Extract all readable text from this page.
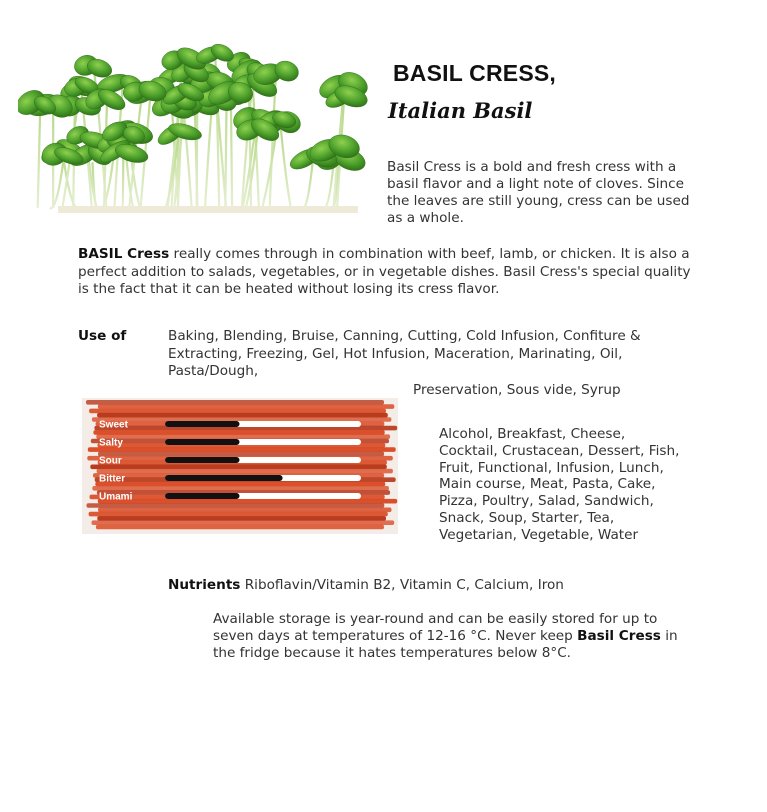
BASIL CRESS,
Italian Basil
Basil Cress is a bold and fresh cress with a basil flavor and a light note of cloves. Since the leaves are still young, cress can be used as a whole.
BASIL Cress really comes through in combination with beef, lamb, or chicken. It is also a perfect addition to salads, vegetables, or in vegetable dishes. Basil Cress's special quality is the fact that it can be heated without losing its cress flavor.
Use of	Baking, Blending, Bruise, Canning, Cutting, Cold Infusion, Confiture & Extracting, Freezing, Gel, Hot Infusion, Maceration, Marinating, Oil, Pasta/Dough,
Preservation, Sous vide, Syrup
Sweet
Salty
Sour
Bitter
Umami
Alcohol, Breakfast, Cheese, Cocktail, Crustacean, Dessert, Fish, Fruit, Functional, Infusion, Lunch, Main course, Meat, Pasta, Cake, Pizza, Poultry, Salad, Sandwich, Snack, Soup, Starter, Tea, Vegetarian, Vegetable, Water
Nutrients Riboflavin/Vitamin B2, Vitamin C, Calcium, Iron
Available storage is year-round and can be easily stored for up to seven days at temperatures of 12-16 °C. Never keep Basil Cress in the fridge because it hates temperatures below 8°C.
